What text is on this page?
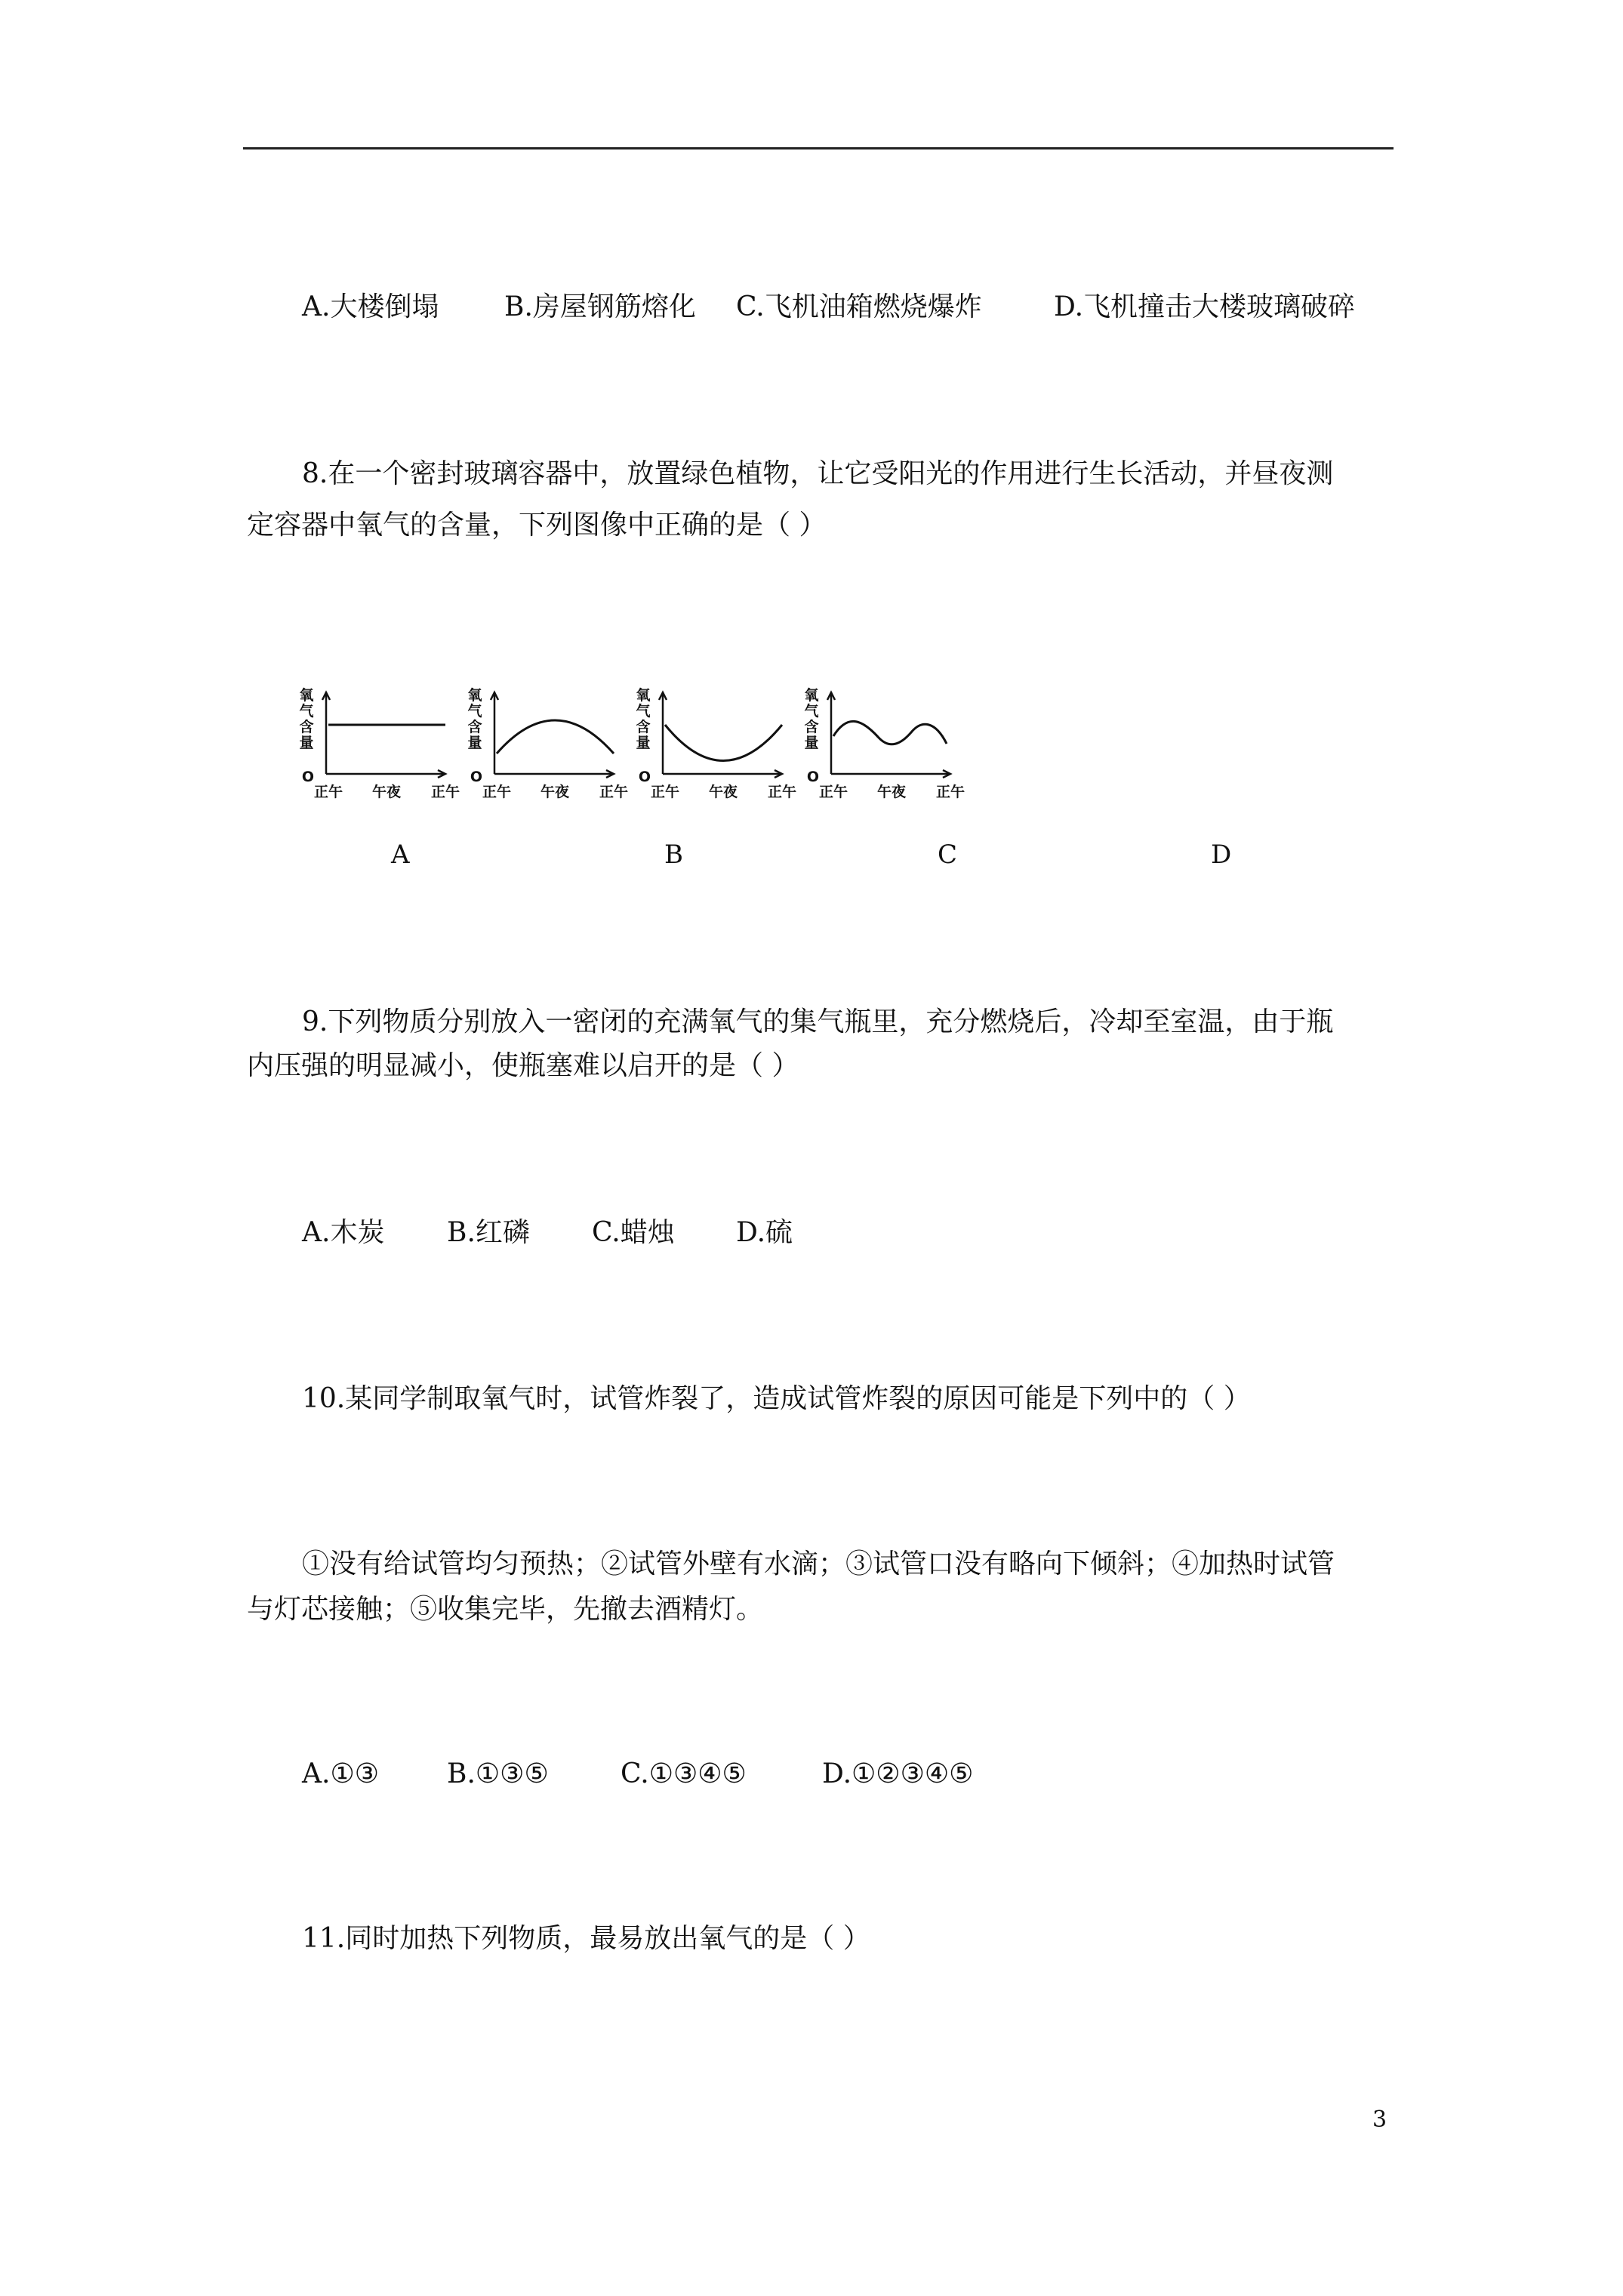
A.大楼倒塌 B.房屋钢筋熔化 C.飞机油箱燃烧爆炸	D.飞机撞击大楼玻璃破碎
8.在一个密封玻璃容器中，放置绿色植物，让它受阳光的作用进行生长活动，并昼夜测
定容器中氧气的含量，下列图像中正确的是（ ）
氧
气
含
量
O
正午 午夜 正午
氧
气
含
量
O
正午 午夜 正午
氧
气
含
量
O
正午 午夜 正午
氧
气
含
量
O
正午 午夜 正午
A	B	C	D
9.下列物质分别放入一密闭的充满氧气的集气瓶里，充分燃烧后，冷却至室温，由于瓶
内压强的明显减小，使瓶塞难以启开的是（ ）
A.木炭 B.红磷 C.蜡烛 D.硫
10.某同学制取氧气时，试管炸裂了，造成试管炸裂的原因可能是下列中的（ ）
①没有给试管均匀预热；②试管外壁有水滴；③试管口没有略向下倾斜；④加热时试管
与灯芯接触；⑤收集完毕，先撤去酒精灯。
A.①③	B.①③⑤	C.①③④⑤	D.①②③④⑤
11.同时加热下列物质，最易放出氧气的是（ ）
3
